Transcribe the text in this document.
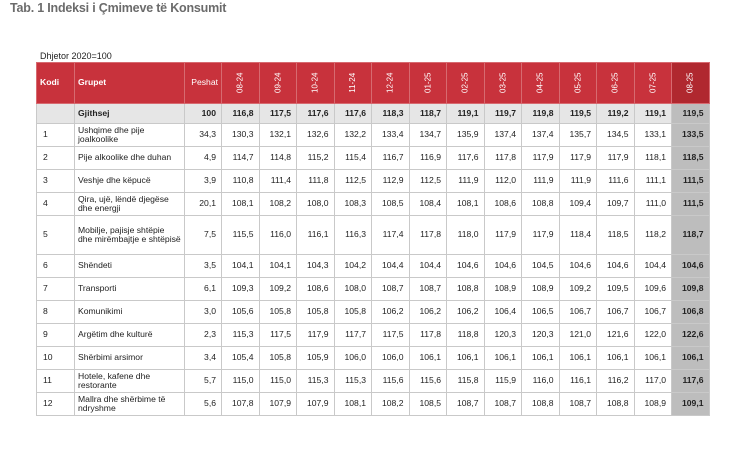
Tab. 1 Indeksi i Çmimeve të Konsumit
Dhjetor 2020=100
Kodi	Grupet	Peshat	08-24	09-24	10-24	11-24	12-24	01-25	02-25	03-25	04-25	05-25	06-25	07-25	08-25
	Gjithsej	100	116,8	117,5	117,6	117,6	118,3	118,7	119,1	119,7	119,8	119,5	119,2	119,1	119,5
1	Ushqime dhe pije joalkoolike	34,3	130,3	132,1	132,6	132,2	133,4	134,7	135,9	137,4	137,4	135,7	134,5	133,1	133,5
2	Pije alkoolike dhe duhan	4,9	114,7	114,8	115,2	115,4	116,7	116,9	117,6	117,8	117,9	117,9	117,9	118,1	118,5
3	Veshje dhe këpucë	3,9	110,8	111,4	111,8	112,5	112,9	112,5	111,9	112,0	111,9	111,9	111,6	111,1	111,5
4	Qira, ujë, lëndë djegëse dhe energji	20,1	108,1	108,2	108,0	108,3	108,5	108,4	108,1	108,6	108,8	109,4	109,7	111,0	111,5
5	Mobilje, pajisje shtëpie dhe mirëmbajtje e shtëpisë	7,5	115,5	116,0	116,1	116,3	117,4	117,8	118,0	117,9	117,9	118,4	118,5	118,2	118,7
6	Shëndeti	3,5	104,1	104,1	104,3	104,2	104,4	104,4	104,6	104,6	104,5	104,6	104,6	104,4	104,6
7	Transporti	6,1	109,3	109,2	108,6	108,0	108,7	108,7	108,8	108,9	108,9	109,2	109,5	109,6	109,8
8	Komunikimi	3,0	105,6	105,8	105,8	105,8	106,2	106,2	106,2	106,4	106,5	106,7	106,7	106,7	106,8
9	Argëtim dhe kulturë	2,3	115,3	117,5	117,9	117,7	117,5	117,8	118,8	120,3	120,3	121,0	121,6	122,0	122,6
10	Shërbimi arsimor	3,4	105,4	105,8	105,9	106,0	106,0	106,1	106,1	106,1	106,1	106,1	106,1	106,1	106,1
11	Hotele, kafene dhe restorante	5,7	115,0	115,0	115,3	115,3	115,6	115,6	115,8	115,9	116,0	116,1	116,2	117,0	117,6
12	Mallra dhe shërbime të ndryshme	5,6	107,8	107,9	107,9	108,1	108,2	108,5	108,7	108,7	108,8	108,7	108,8	108,9	109,1
